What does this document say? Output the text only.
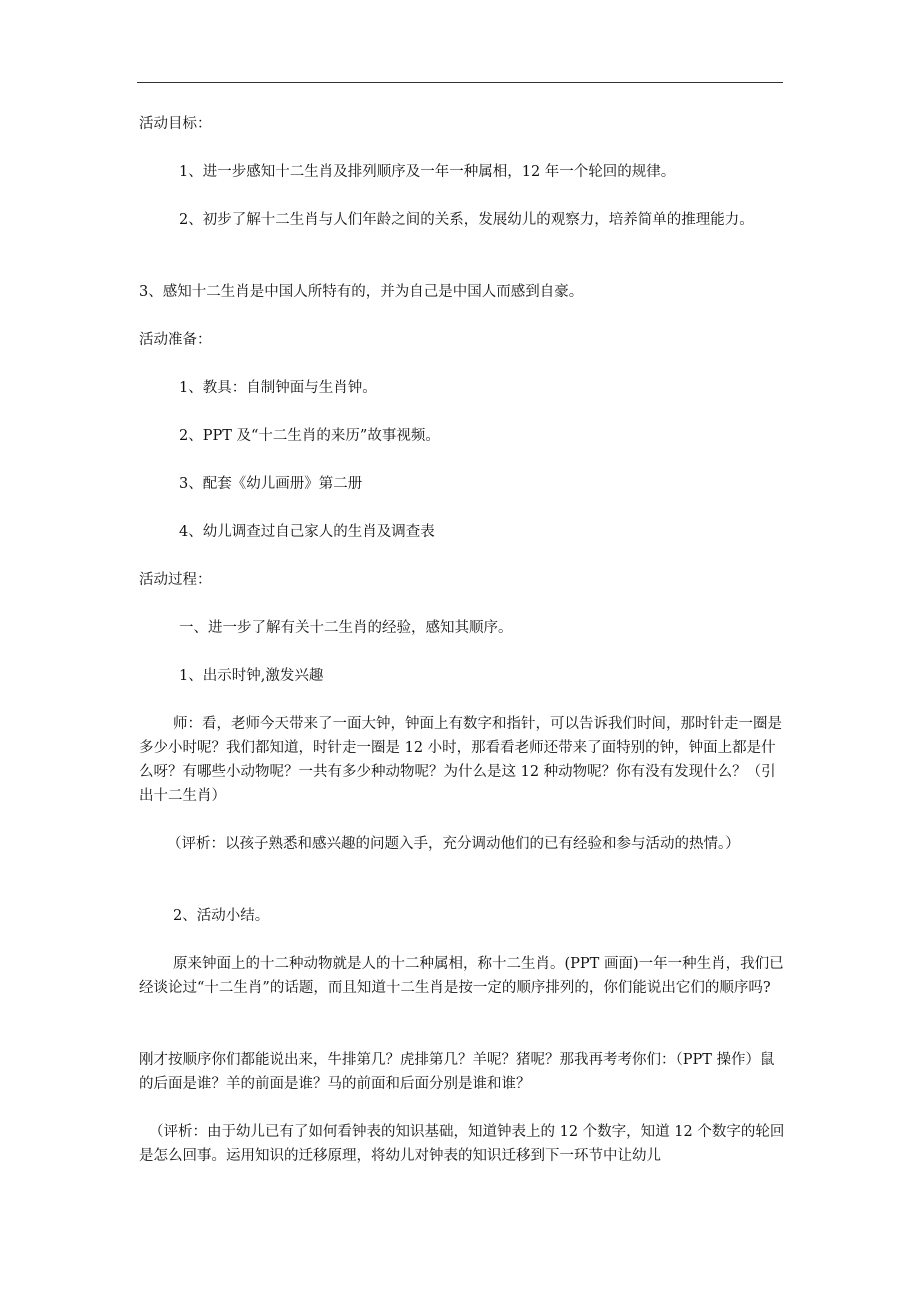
活动目标：

1、进一步感知十二生肖及排列顺序及一年一种属相，12 年一个轮回的规律。

2、初步了解十二生肖与人们年龄之间的关系，发展幼儿的观察力，培养简单的推理能力。

3、感知十二生肖是中国人所特有的，并为自己是中国人而感到自豪。

活动准备：

1、教具：自制钟面与生肖钟。

2、PPT 及“十二生肖的来历”故事视频。

3、配套《幼儿画册》第二册

4、幼儿调查过自己家人的生肖及调查表

活动过程：

一、进一步了解有关十二生肖的经验，感知其顺序。

1、出示时钟,激发兴趣

师：看，老师今天带来了一面大钟，钟面上有数字和指针，可以告诉我们时间，那时针走一圈是多少小时呢？我们都知道，时针走一圈是 12 小时，那看看老师还带来了面特别的钟，钟面上都是什么呀？有哪些小动物呢？一共有多少种动物呢？为什么是这 12 种动物呢？你有没有发现什么？（引出十二生肖）

（评析：以孩子熟悉和感兴趣的问题入手，充分调动他们的已有经验和参与活动的热情。）

2、活动小结。

原来钟面上的十二种动物就是人的十二种属相，称十二生肖。(PPT 画面)一年一种生肖，我们已经谈论过“十二生肖”的话题，而且知道十二生肖是按一定的顺序排列的，你们能说出它们的顺序吗?

刚才按顺序你们都能说出来，牛排第几？虎排第几？羊呢？猪呢？那我再考考你们：（PPT 操作）鼠的后面是谁？羊的前面是谁？马的前面和后面分别是谁和谁？

（评析：由于幼儿已有了如何看钟表的知识基础，知道钟表上的 12 个数字，知道 12 个数字的轮回是怎么回事。运用知识的迁移原理，将幼儿对钟表的知识迁移到下一环节中让幼儿
